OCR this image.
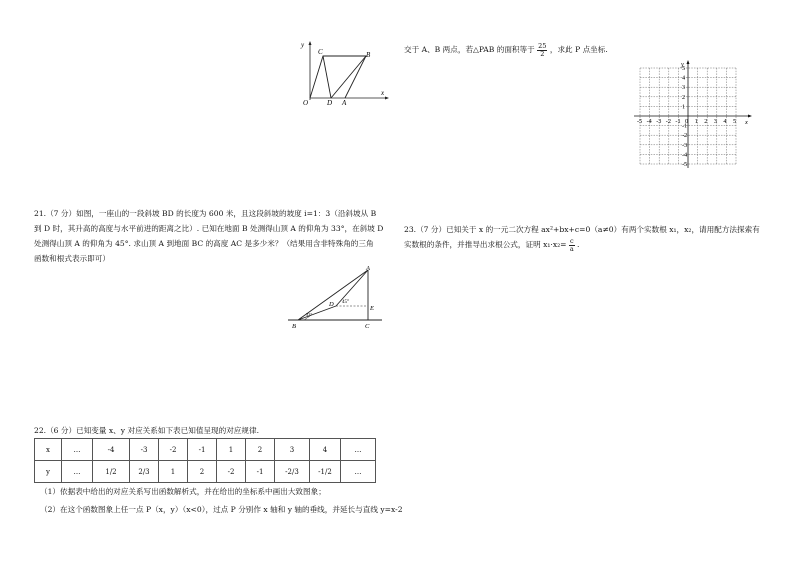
y
x
O
C	B
D A
交于 A、B 两点，若△PAB 的面积等于 $\frac{25}{2}$ ，求此 P 点坐标.
-5 -4 -3 -2 -1 0 1 2 3 4 5
5
4
3
2
1
-1
-2
-3
-4
-5
x
y
21.（7 分）如图，一座山的一段斜坡 BD 的长度为 600 米，且这段斜坡的坡度 i=1：3（沿斜坡从 B
到 D 时，其升高的高度与水平前进的距离之比）. 已知在地面 B 处测得山顶 A 的仰角为 33°，在斜坡 D
处测得山顶 A 的仰角为 45°. 求山顶 A 到地面 BC 的高度 AC 是多少米？（结果用含非特殊角的三角
函数和根式表示即可）
A
D
E
B	C
45°
33°
23.（7 分）已知关于 x 的一元二次方程 ax²+bx+c=0（a≠0）有两个实数根 x₁，x₂，请用配方法探索有
实数根的条件，并推导出求根公式，证明 $x_1\cdot x_2= \frac{c}{a}$ .
22.（6 分）已知变量 x、y 对应关系如下表已知值呈现的对应规律.
x	…	-4	-3	-2	-1	1	2	3	4	…
y	…	1/2	2/3	1	2	-2	-1	-2/3	-1/2	…
（1）依据表中给出的对应关系写出函数解析式，并在给出的坐标系中画出大致图象；
（2）在这个函数图象上任一点 P（x，y）（x<0），过点 P 分别作 x 轴和 y 轴的垂线，并延长与直线 y=x-2
